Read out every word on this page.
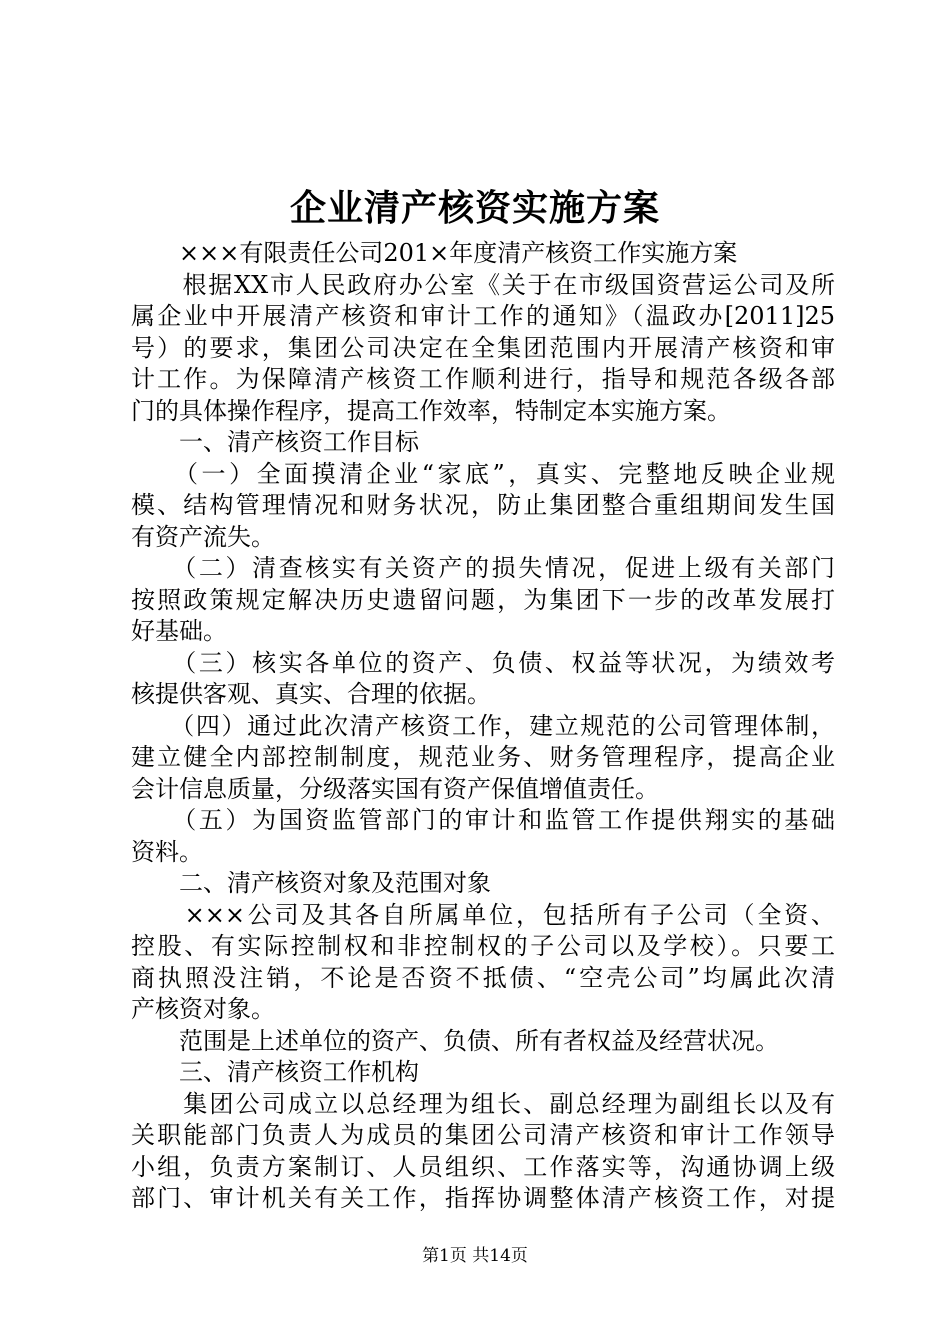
企业清产核资实施方案
　　×××有限责任公司201×年度清产核资工作实施方案
　　根据XX市人民政府办公室《关于在市级国资营运公司及所
属企业中开展清产核资和审计工作的通知》（温政办[2011]25
号）的要求，集团公司决定在全集团范围内开展清产核资和审
计工作。为保障清产核资工作顺利进行，指导和规范各级各部
门的具体操作程序，提高工作效率，特制定本实施方案。
　　一、清产核资工作目标
　　（一）全面摸清企业“家底”，真实、完整地反映企业规
模、结构管理情况和财务状况，防止集团整合重组期间发生国
有资产流失。
　　（二）清查核实有关资产的损失情况，促进上级有关部门
按照政策规定解决历史遗留问题，为集团下一步的改革发展打
好基础。
　　（三）核实各单位的资产、负债、权益等状况，为绩效考
核提供客观、真实、合理的依据。
　　（四）通过此次清产核资工作，建立规范的公司管理体制，
建立健全内部控制制度，规范业务、财务管理程序，提高企业
会计信息质量，分级落实国有资产保值增值责任。
　　（五）为国资监管部门的审计和监管工作提供翔实的基础
资料。
　　二、清产核资对象及范围对象
　　×××公司及其各自所属单位，包括所有子公司（全资、
控股、有实际控制权和非控制权的子公司以及学校）。只要工
商执照没注销，不论是否资不抵债、“空壳公司”均属此次清
产核资对象。
　　范围是上述单位的资产、负债、所有者权益及经营状况。
　　三、清产核资工作机构
　　集团公司成立以总经理为组长、副总经理为副组长以及有
关职能部门负责人为成员的集团公司清产核资和审计工作领导
小组，负责方案制订、人员组织、工作落实等，沟通协调上级
部门、审计机关有关工作，指挥协调整体清产核资工作，对提
第1页 共14页
